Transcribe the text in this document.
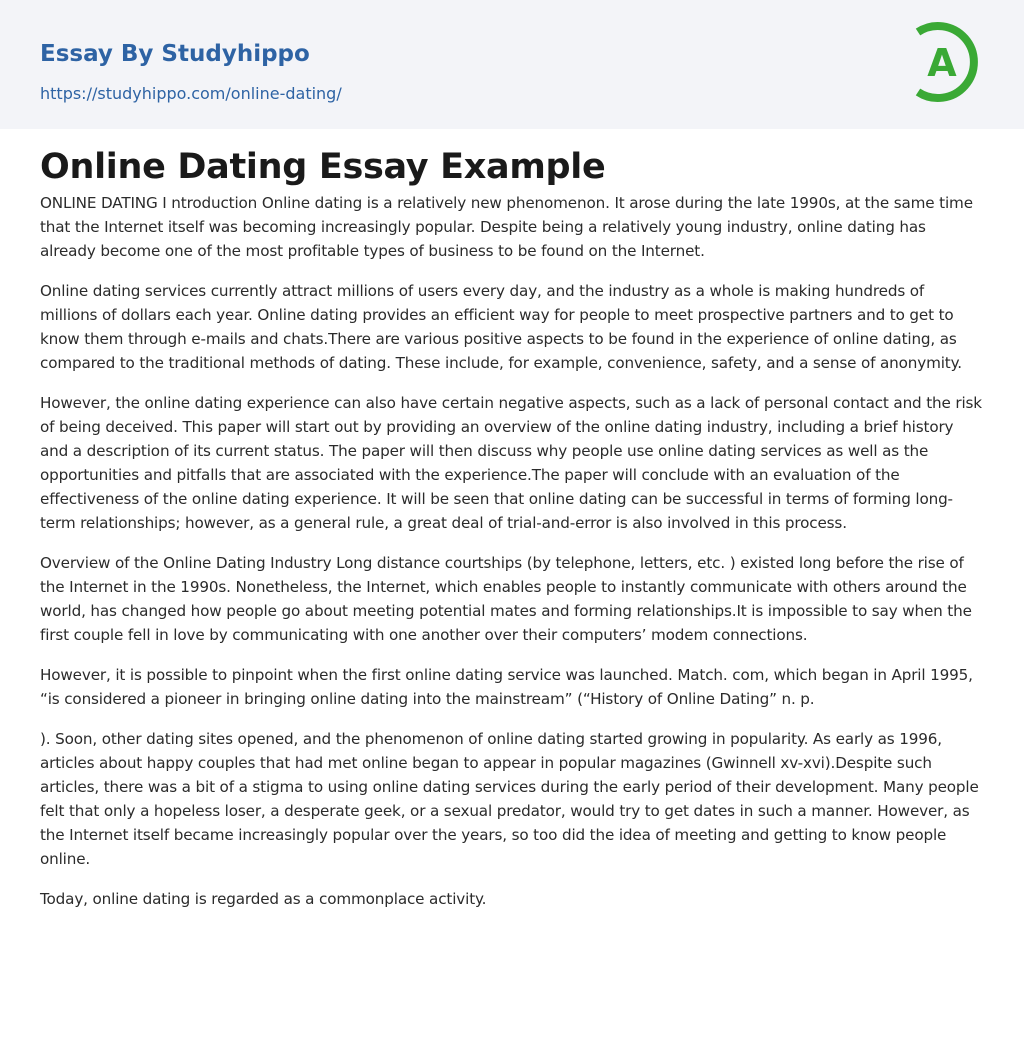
Essay By Studyhippo
https://studyhippo.com/online-dating/
A
Online Dating Essay Example

ONLINE DATING I ntroduction Online dating is a relatively new phenomenon. It arose during the late 1990s, at the same time that the Internet itself was becoming increasingly popular. Despite being a relatively young industry, online dating has already become one of the most profitable types of business to be found on the Internet.

Online dating services currently attract millions of users every day, and the industry as a whole is making hundreds of millions of dollars each year. Online dating provides an efficient way for people to meet prospective partners and to get to know them through e-mails and chats.There are various positive aspects to be found in the experience of online dating, as compared to the traditional methods of dating. These include, for example, convenience, safety, and a sense of anonymity.

However, the online dating experience can also have certain negative aspects, such as a lack of personal contact and the risk of being deceived. This paper will start out by providing an overview of the online dating industry, including a brief history and a description of its current status. The paper will then discuss why people use online dating services as well as the opportunities and pitfalls that are associated with the experience.The paper will conclude with an evaluation of the effectiveness of the online dating experience. It will be seen that online dating can be successful in terms of forming long-term relationships; however, as a general rule, a great deal of trial-and-error is also involved in this process.

Overview of the Online Dating Industry Long distance courtships (by telephone, letters, etc. ) existed long before the rise of the Internet in the 1990s. Nonetheless, the Internet, which enables people to instantly communicate with others around the world, has changed how people go about meeting potential mates and forming relationships.It is impossible to say when the first couple fell in love by communicating with one another over their computers’ modem connections.

However, it is possible to pinpoint when the first online dating service was launched. Match. com, which began in April 1995, “is considered a pioneer in bringing online dating into the mainstream” (“History of Online Dating” n. p.

). Soon, other dating sites opened, and the phenomenon of online dating started growing in popularity. As early as 1996, articles about happy couples that had met online began to appear in popular magazines (Gwinnell xv-xvi).Despite such articles, there was a bit of a stigma to using online dating services during the early period of their development. Many people felt that only a hopeless loser, a desperate geek, or a sexual predator, would try to get dates in such a manner. However, as the Internet itself became increasingly popular over the years, so too did the idea of meeting and getting to know people online.

Today, online dating is regarded as a commonplace activity.
